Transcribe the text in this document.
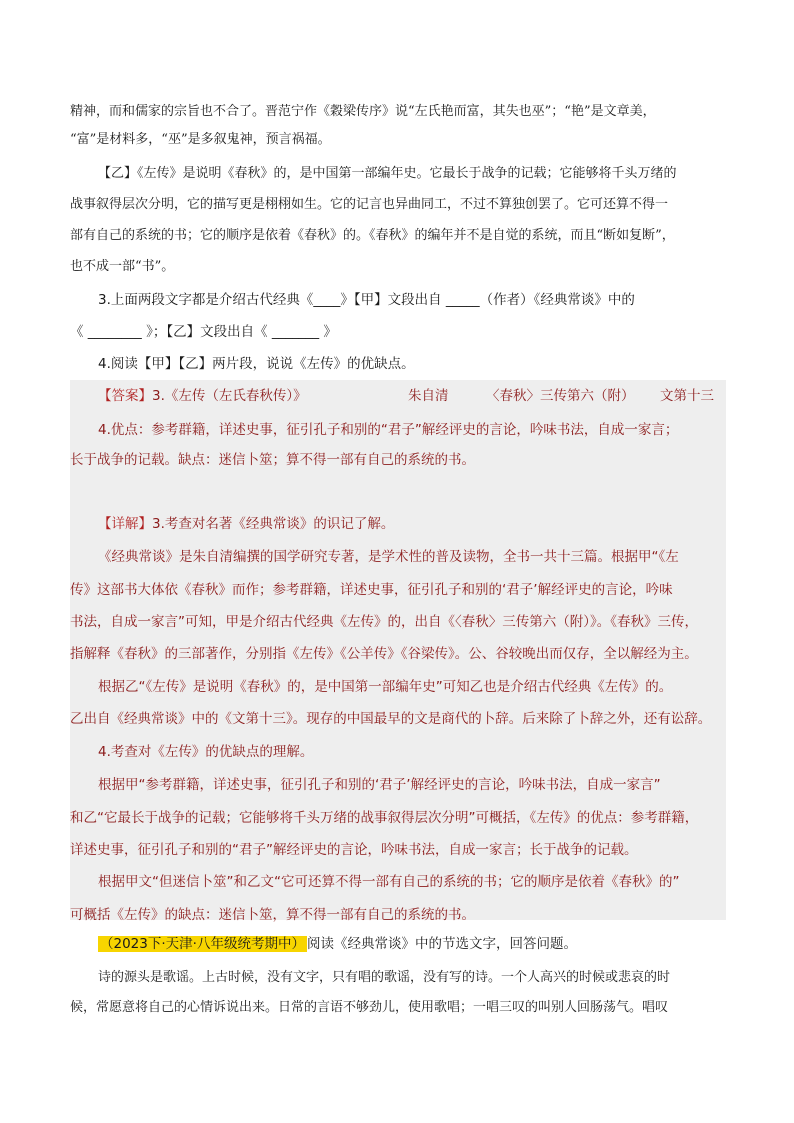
精神，而和儒家的宗旨也不合了。晋范宁作《穀梁传序》说“左氏艳而富，其失也巫”；“艳”是文章美，

“富”是材料多，“巫”是多叙鬼神，预言祸福。

【乙】《左传》是说明《春秋》的，是中国第一部编年史。它最长于战争的记载；它能够将千头万绪的

战事叙得层次分明，它的描写更是栩栩如生。它的记言也异曲同工，不过不算独创罢了。它可还算不得一

部有自己的系统的书；它的顺序是依着《春秋》的。《春秋》的编年并不是自觉的系统，而且“断如复断”，

也不成一部“书”。

3.上面两段文字都是介绍古代经典《____》【甲】文段出自 _____（作者）《经典常谈》中的

《 ________ 》；【乙】文段出自《 _______ 》

4.阅读【甲】【乙】两片段，说说《左传》的优缺点。

【答案】3.《左传（左氏春秋传）》	朱自清	〈春秋〉三传第六（附） 文第十三

4.优点：参考群籍，详述史事，征引孔子和别的“君子”解经评史的言论，吟味书法，自成一家言；

长于战争的记载。缺点：迷信卜筮；算不得一部有自己的系统的书。

【详解】3.考查对名著《经典常谈》的识记了解。

《经典常谈》是朱自清编撰的国学研究专著，是学术性的普及读物，全书一共十三篇。根据甲“《左

传》这部书大体依《春秋》而作；参考群籍，详述史事，征引孔子和别的‘君子’解经评史的言论，吟味

书法，自成一家言”可知，甲是介绍古代经典《左传》的，出自《〈春秋〉三传第六（附）》。《春秋》三传，

指解释《春秋》的三部著作，分别指《左传》《公羊传》《谷梁传》。公、谷较晚出而仅存，全以解经为主。

根据乙“《左传》是说明《春秋》的，是中国第一部编年史”可知乙也是介绍古代经典《左传》的。

乙出自《经典常谈》中的《文第十三》。现存的中国最早的文是商代的卜辞。后来除了卜辞之外，还有讼辞。

4.考查对《左传》的优缺点的理解。

根据甲“参考群籍，详述史事，征引孔子和别的‘君子’解经评史的言论，吟味书法，自成一家言”

和乙“它最长于战争的记载；它能够将千头万绪的战事叙得层次分明”可概括，《左传》的优点：参考群籍，

详述史事，征引孔子和别的“君子”解经评史的言论，吟味书法，自成一家言；长于战争的记载。

根据甲文“但迷信卜筮”和乙文“它可还算不得一部有自己的系统的书；它的顺序是依着《春秋》的”

可概括《左传》的缺点：迷信卜筮，算不得一部有自己的系统的书。

（2023下·天津·八年级统考期中） 阅读《经典常谈》中的节选文字，回答问题。

诗的源头是歌谣。上古时候，没有文字，只有唱的歌谣，没有写的诗。一个人高兴的时候或悲哀的时

候，常愿意将自己的心情诉说出来。日常的言语不够劲儿，使用歌唱；一唱三叹的叫别人回肠荡气。唱叹
